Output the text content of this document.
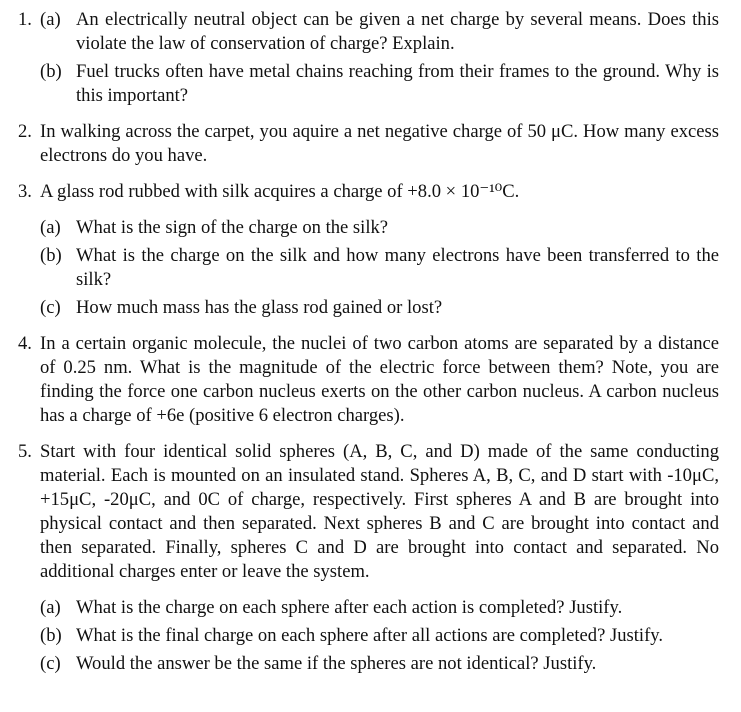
1. (a) An electrically neutral object can be given a net charge by several means. Does this violate the law of conservation of charge? Explain.
(b) Fuel trucks often have metal chains reaching from their frames to the ground. Why is this important?
2. In walking across the carpet, you aquire a net negative charge of 50 μC. How many excess electrons do you have.
3. A glass rod rubbed with silk acquires a charge of +8.0 × 10⁻¹⁰C.
(a) What is the sign of the charge on the silk?
(b) What is the charge on the silk and how many electrons have been transferred to the silk?
(c) How much mass has the glass rod gained or lost?
4. In a certain organic molecule, the nuclei of two carbon atoms are separated by a distance of 0.25 nm. What is the magnitude of the electric force between them? Note, you are finding the force one carbon nucleus exerts on the other carbon nucleus. A carbon nucleus has a charge of +6e (positive 6 electron charges).
5. Start with four identical solid spheres (A, B, C, and D) made of the same conducting material. Each is mounted on an insulated stand. Spheres A, B, C, and D start with -10μC, +15μC, -20μC, and 0C of charge, respectively. First spheres A and B are brought into physical contact and then separated. Next spheres B and C are brought into contact and then separated. Finally, spheres C and D are brought into contact and separated. No additional charges enter or leave the system.
(a) What is the charge on each sphere after each action is completed? Justify.
(b) What is the final charge on each sphere after all actions are completed? Justify.
(c) Would the answer be the same if the spheres are not identical? Justify.
